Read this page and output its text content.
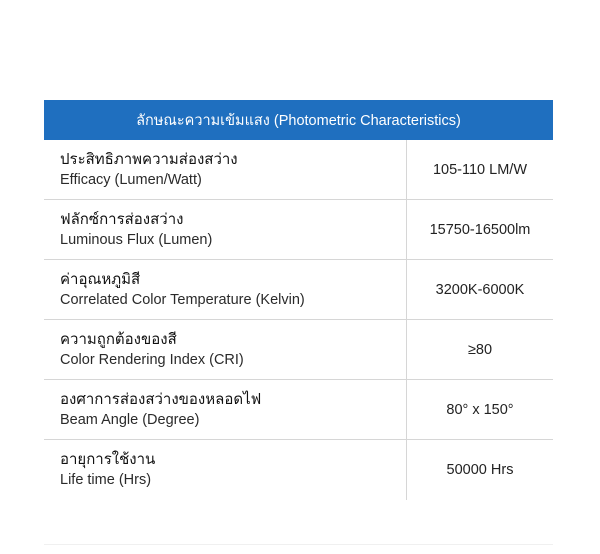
ลักษณะความเข้มแสง (Photometric Characteristics)
ประสิทธิภาพความส่องสว่าง
Efficacy (Lumen/Watt)
105-110 LM/W
ฟลักซ์การส่องสว่าง
Luminous Flux (Lumen)
15750-16500lm
ค่าอุณหภูมิสี
Correlated Color Temperature (Kelvin)
3200K-6000K
ความถูกต้องของสี
Color Rendering Index (CRI)
≥80
องศาการส่องสว่างของหลอดไฟ
Beam Angle (Degree)
80° x 150°
อายุการใช้งาน
Life time (Hrs)
50000 Hrs
